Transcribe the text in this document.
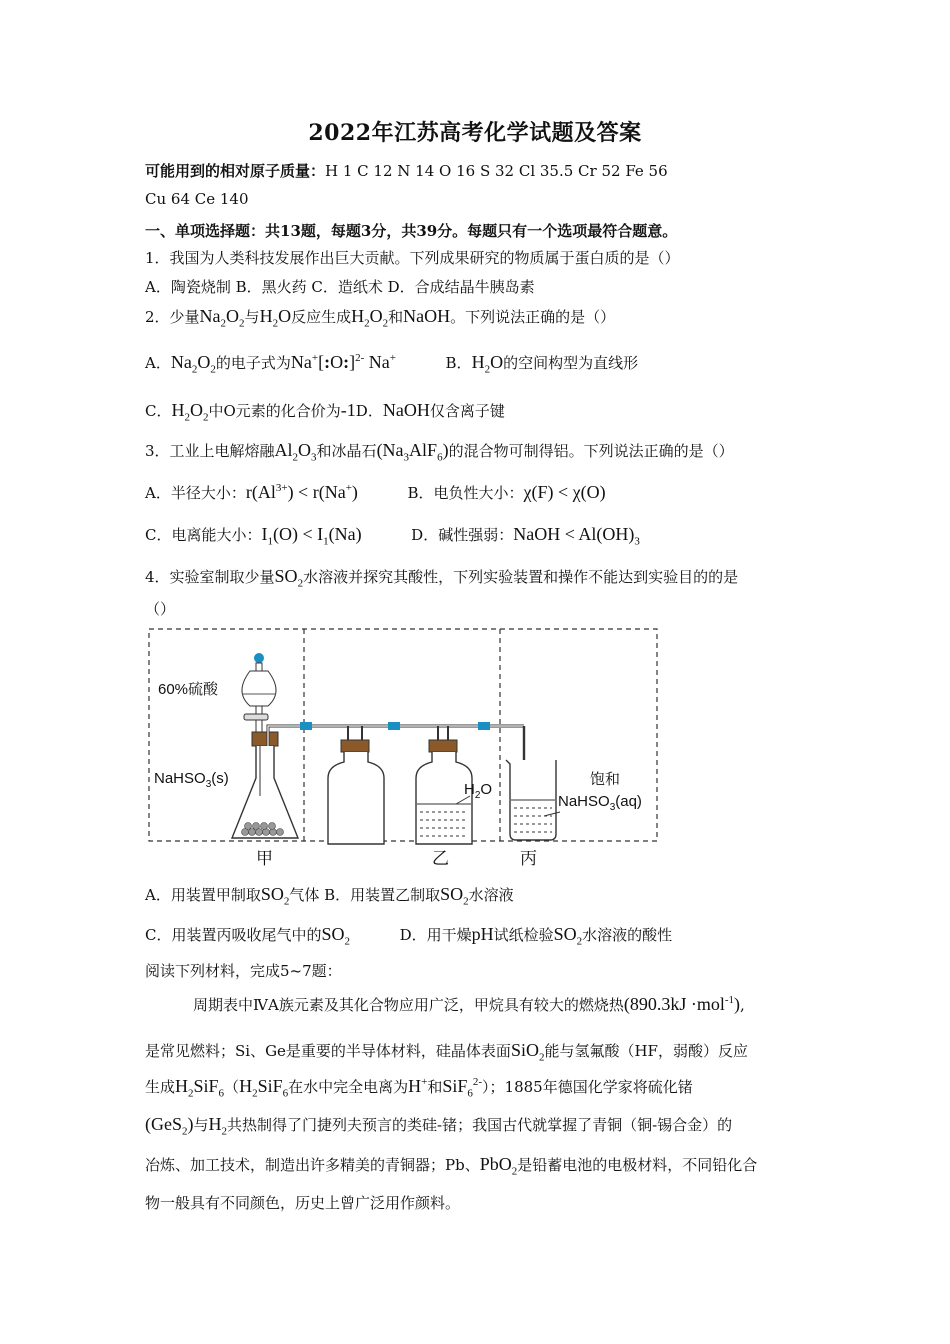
2022年江苏高考化学试题及答案
可能用到的相对原子质量：H 1 C 12 N 14 O 16 S 32 Cl 35.5 Cr 52 Fe 56
Cu 64 Ce 140
一、单项选择题：共13题，每题3分，共39分。每题只有一个选项最符合题意。
1．我国为人类科技发展作出巨大贡献。下列成果研究的物质属于蛋白质的是（）
A．陶瓷烧制 B．黑火药 C．造纸术 D．合成结晶牛胰岛素
2．少量$Na_2O_2$与$H_2O$反应生成$H_2O_2$和NaOH。下列说法正确的是（）
A．$Na_2O_2$的电子式为Na+[:O:]$^{2-}$ Na+	B．$H_2O$的空间构型为直线形
C．$H_2O_2$中O元素的化合价为-1D．NaOH仅含离子键
3．工业上电解熔融$Al_2O_3$和冰晶石$(Na_3AlF_6)$的混合物可制得铝。下列说法正确的是（）
A．半径大小：$r(Al^{3+}) < r(Na^+)$	B．电负性大小：χ(F) < χ(O)
C．电离能大小：$I_1(O) < I_1(Na)$	D．碱性强弱：NaOH < $Al(OH)_3$
4．实验室制取少量$SO_2$水溶液并探究其酸性，下列实验装置和操作不能达到实验目的的是
（）
60%硫酸
NaHSO$_3$(s)
$H_2O$
饱和
NaHSO$_3$(aq)
甲	乙	丙
A．用装置甲制取$SO_2$气体 B．用装置乙制取$SO_2$水溶液
C．用装置丙吸收尾气中的$SO_2$	D．用干燥pH试纸检验$SO_2$水溶液的酸性
阅读下列材料，完成5~7题：
周期表中ⅣA族元素及其化合物应用广泛，甲烷具有较大的燃烧热(890.3kJ ·mol$^{-1}$),
是常见燃料；Si、Ge是重要的半导体材料，硅晶体表面SiO$_2$能与氢氟酸（HF，弱酸）反应
生成$H_2SiF_6(H_2SiF_6$在水中完全电离为H+和SiF$_6^{2-}$）；1885年德国化学家将硫化锗
(GeS$_2$)与$H_2$共热制得了门捷列夫预言的类硅-锗；我国古代就掌握了青铜（铜-锡合金）的
冶炼、加工技术，制造出许多精美的青铜器；Pb、PbO$_2$是铅蓄电池的电极材料，不同铅化合
物一般具有不同颜色，历史上曾广泛用作颜料。
